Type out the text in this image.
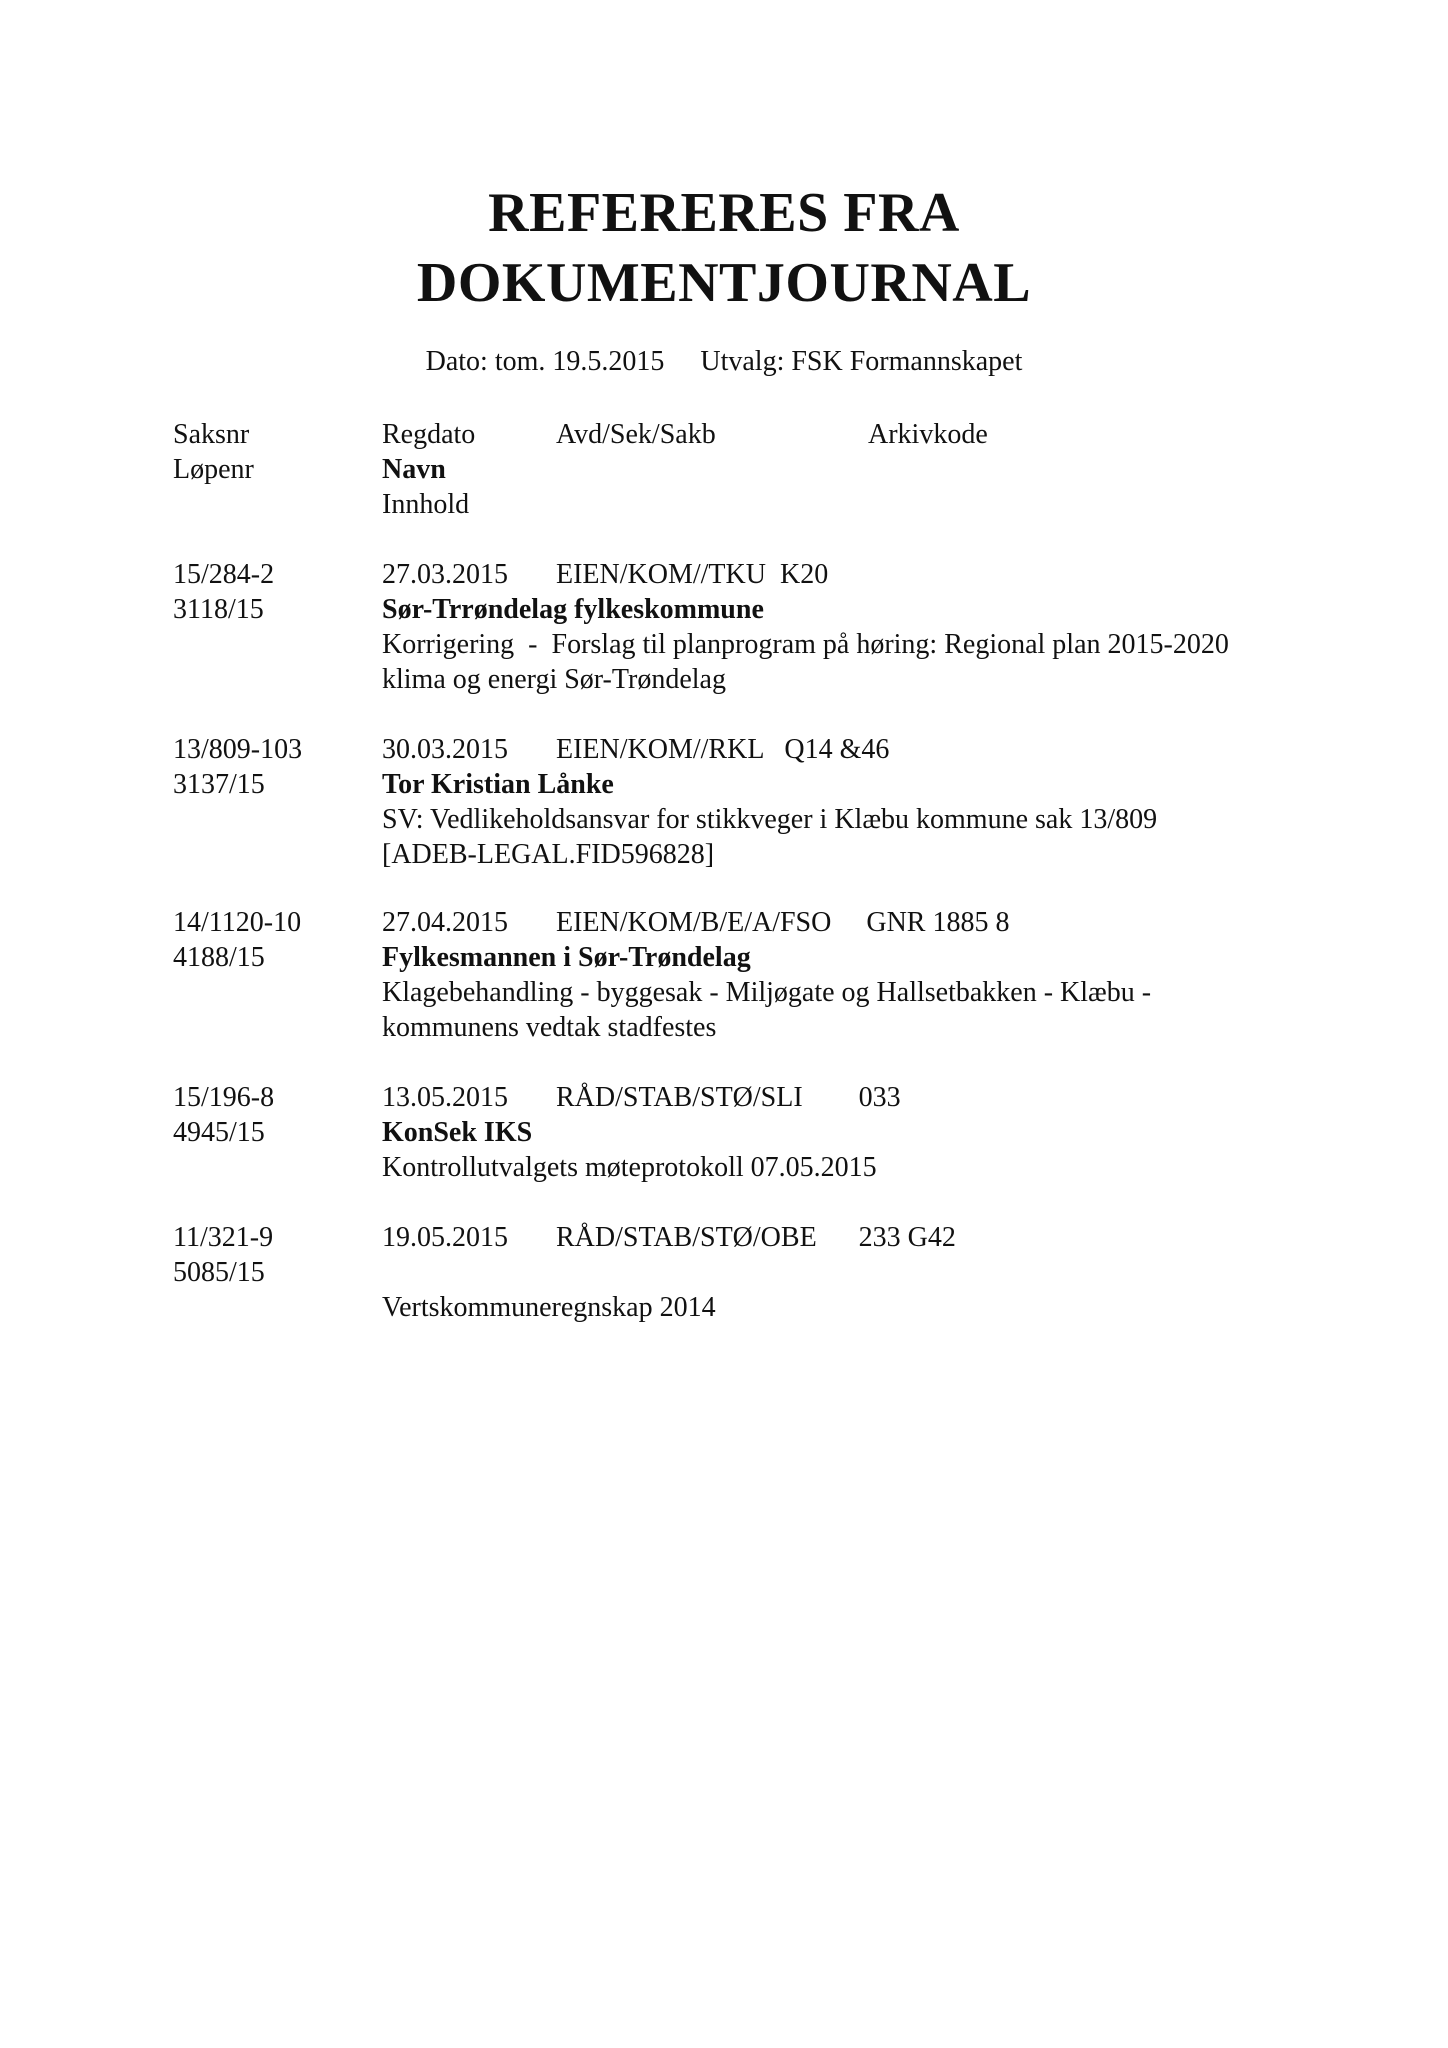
REFERERES FRA
DOKUMENTJOURNAL
Dato: tom. 19.5.2015 Utvalg: FSK Formannskapet
Saksnr	Regdato	Avd/Sek/Sakb	Arkivkode
Løpenr	Navn
Innhold
15/284-2	27.03.2015 EIEN/KOM//TKU  K20
3118/15	Sør-Trrøndelag fylkeskommune
Korrigering  -  Forslag til planprogram på høring: Regional plan 2015-2020
klima og energi Sør-Trøndelag
13/809-103	30.03.2015 EIEN/KOM//RKL   Q14 &46
3137/15	Tor Kristian Lånke
SV: Vedlikeholdsansvar for stikkveger i Klæbu kommune sak 13/809
[ADEB-LEGAL.FID596828]
14/1120-10	27.04.2015 EIEN/KOM/B/E/A/FSO     GNR 1885 8
4188/15	Fylkesmannen i Sør-Trøndelag
Klagebehandling - byggesak - Miljøgate og Hallsetbakken - Klæbu -
kommunens vedtak stadfestes
15/196-8	13.05.2015 RÅD/STAB/STØ/SLI        033
4945/15	KonSek IKS
Kontrollutvalgets møteprotokoll 07.05.2015
11/321-9	19.05.2015 RÅD/STAB/STØ/OBE      233 G42
5085/15
Vertskommuneregnskap 2014
